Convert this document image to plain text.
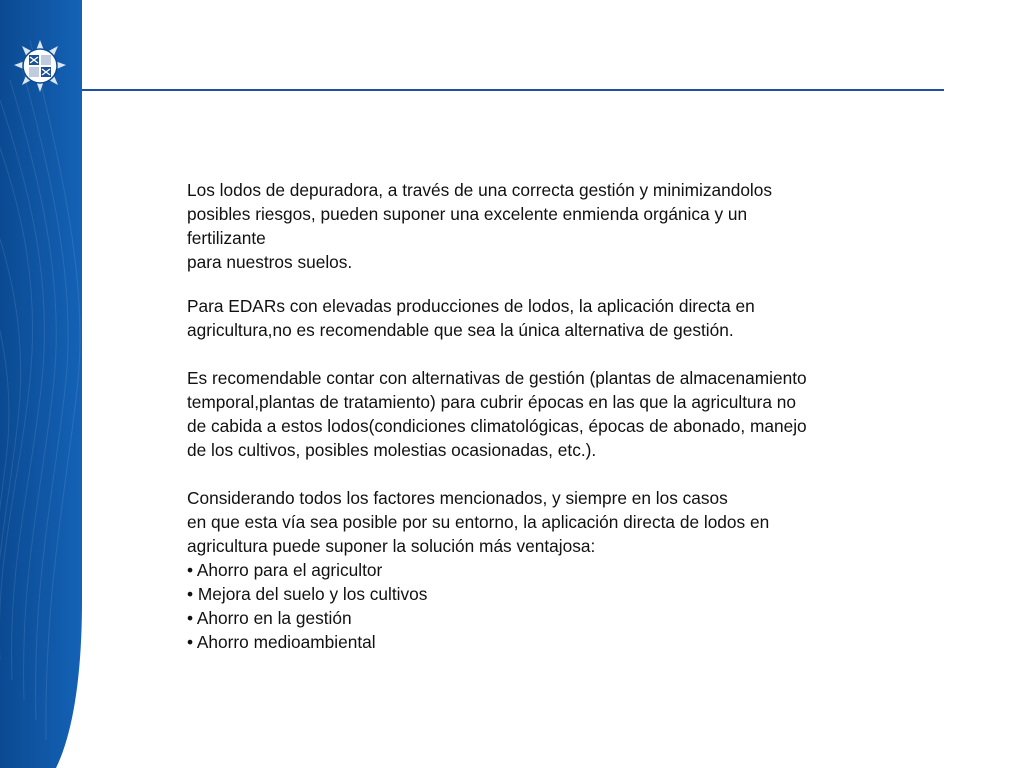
Los lodos de depuradora, a través de una correcta gestión y minimizandolos
posibles riesgos, pueden suponer una excelente enmienda orgánica y un
fertilizante
para nuestros suelos.

Para EDARs con elevadas producciones de lodos, la aplicación directa en
agricultura,no es recomendable que sea la única alternativa de gestión.

Es recomendable contar con alternativas de gestión (plantas de almacenamiento
temporal,plantas de tratamiento) para cubrir épocas en las que la agricultura no
de cabida a estos lodos(condiciones climatológicas, épocas de abonado, manejo
de los cultivos, posibles molestias ocasionadas, etc.).

Considerando todos los factores mencionados, y siempre en los casos
en que esta vía sea posible por su entorno, la aplicación directa de lodos en
agricultura puede suponer la solución más ventajosa:

• Ahorro para el agricultor
• Mejora del suelo y los cultivos
• Ahorro en la gestión
• Ahorro medioambiental
